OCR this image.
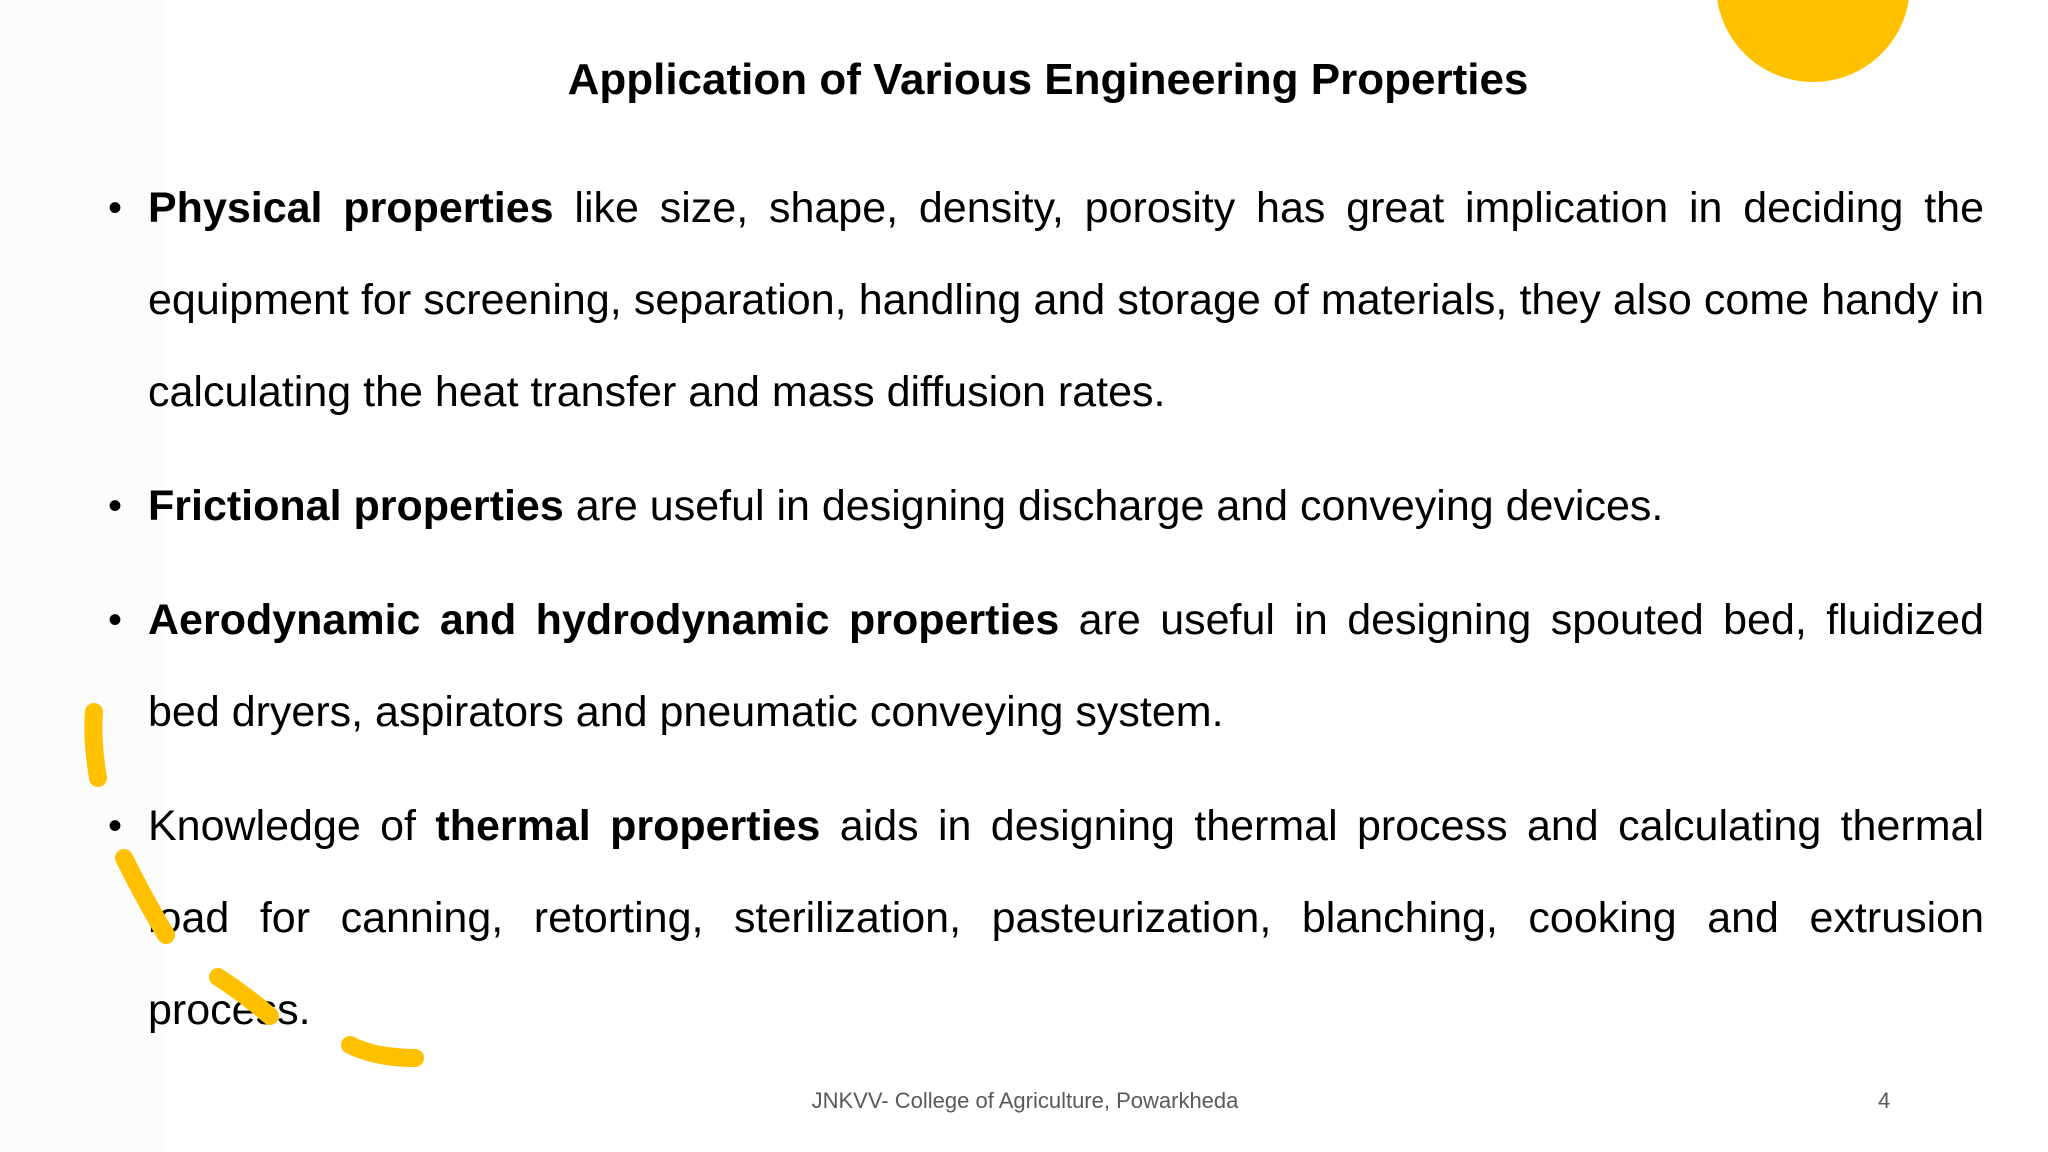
Application of Various Engineering Properties
• Physical properties like size, shape, density, porosity has great implication in deciding the equipment for screening, separation, handling and storage of materials, they also come handy in calculating the heat transfer and mass diffusion rates.
• Frictional properties are useful in designing discharge and conveying devices.
• Aerodynamic and hydrodynamic properties are useful in designing spouted bed, fluidized bed dryers, aspirators and pneumatic conveying system.
• Knowledge of thermal properties aids in designing thermal process and calculating thermal load for canning, retorting, sterilization, pasteurization, blanching, cooking and extrusion process.
JNKVV- College of Agriculture, Powarkheda	4
